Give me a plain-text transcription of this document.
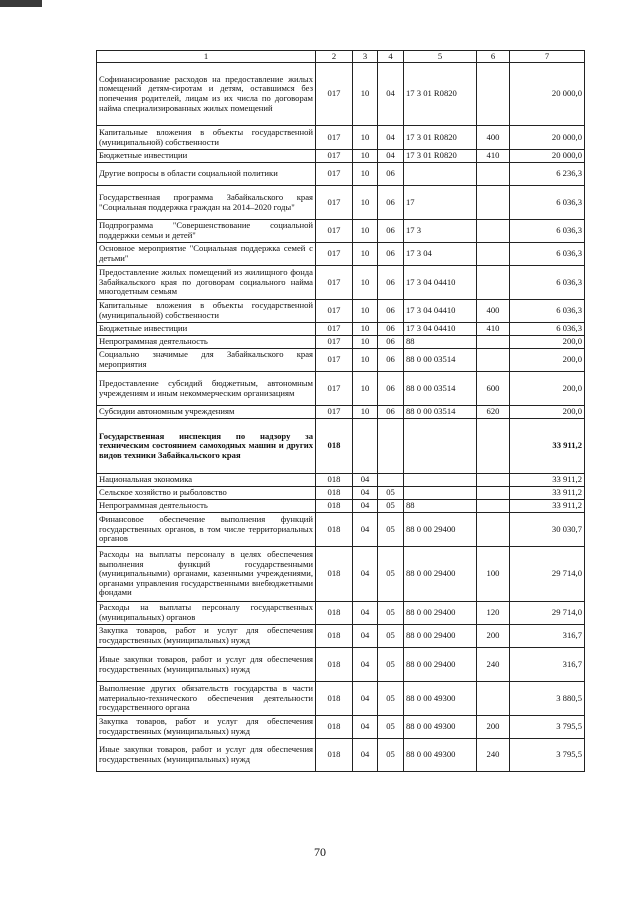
1	2	3	4	5	6	7
Софинансирование расходов на предоставление жилых помещений детям-сиротам и детям, оставшимся без попечения родителей, лицам из их числа по договорам найма специализированных жилых помещений	017	10	04	17 3 01 R0820		20 000,0
Капитальные вложения в объекты государственной (муниципальной) собственности	017	10	04	17 3 01 R0820	400	20 000,0
Бюджетные инвестиции	017	10	04	17 3 01 R0820	410	20 000,0
Другие вопросы в области социальной политики	017	10	06			6 236,3
Государственная программа Забайкальского края "Социальная поддержка граждан на 2014–2020 годы"	017	10	06	17		6 036,3
Подпрограмма "Совершенствование социальной поддержки семьи и детей"	017	10	06	17 3		6 036,3
Основное мероприятие "Социальная поддержка семей с детьми"	017	10	06	17 3 04		6 036,3
Предоставление жилых помещений из жилищного фонда Забайкальского края по договорам социального найма многодетным семьям	017	10	06	17 3 04 04410		6 036,3
Капитальные вложения в объекты государственной (муниципальной) собственности	017	10	06	17 3 04 04410	400	6 036,3
Бюджетные инвестиции	017	10	06	17 3 04 04410	410	6 036,3
Непрограммная деятельность	017	10	06	88		200,0
Социально значимые для Забайкальского края мероприятия	017	10	06	88 0 00 03514		200,0
Предоставление субсидий бюджетным, автономным учреждениям и иным некоммерческим организациям	017	10	06	88 0 00 03514	600	200,0
Субсидии автономным учреждениям	017	10	06	88 0 00 03514	620	200,0
Государственная инспекция по надзору за техническим состоянием самоходных машин и других видов техники Забайкальского края	018					33 911,2
Национальная экономика	018	04				33 911,2
Сельское хозяйство и рыболовство	018	04	05			33 911,2
Непрограммная деятельность	018	04	05	88		33 911,2
Финансовое обеспечение выполнения функций государственных органов, в том числе территориальных органов	018	04	05	88 0 00 29400		30 030,7
Расходы на выплаты персоналу в целях обеспечения выполнения функций государственными (муниципальными) органами, казенными учреждениями, органами управления государственными внебюджетными фондами	018	04	05	88 0 00 29400	100	29 714,0
Расходы на выплаты персоналу государственных (муниципальных) органов	018	04	05	88 0 00 29400	120	29 714,0
Закупка товаров, работ и услуг для обеспечения государственных (муниципальных) нужд	018	04	05	88 0 00 29400	200	316,7
Иные закупки товаров, работ и услуг для обеспечения государственных (муниципальных) нужд	018	04	05	88 0 00 29400	240	316,7
Выполнение других обязательств государства в части материально-технического обеспечения деятельности государственного органа	018	04	05	88 0 00 49300		3 880,5
Закупка товаров, работ и услуг для обеспечения государственных (муниципальных) нужд	018	04	05	88 0 00 49300	200	3 795,5
Иные закупки товаров, работ и услуг для обеспечения государственных (муниципальных) нужд	018	04	05	88 0 00 49300	240	3 795,5
70
